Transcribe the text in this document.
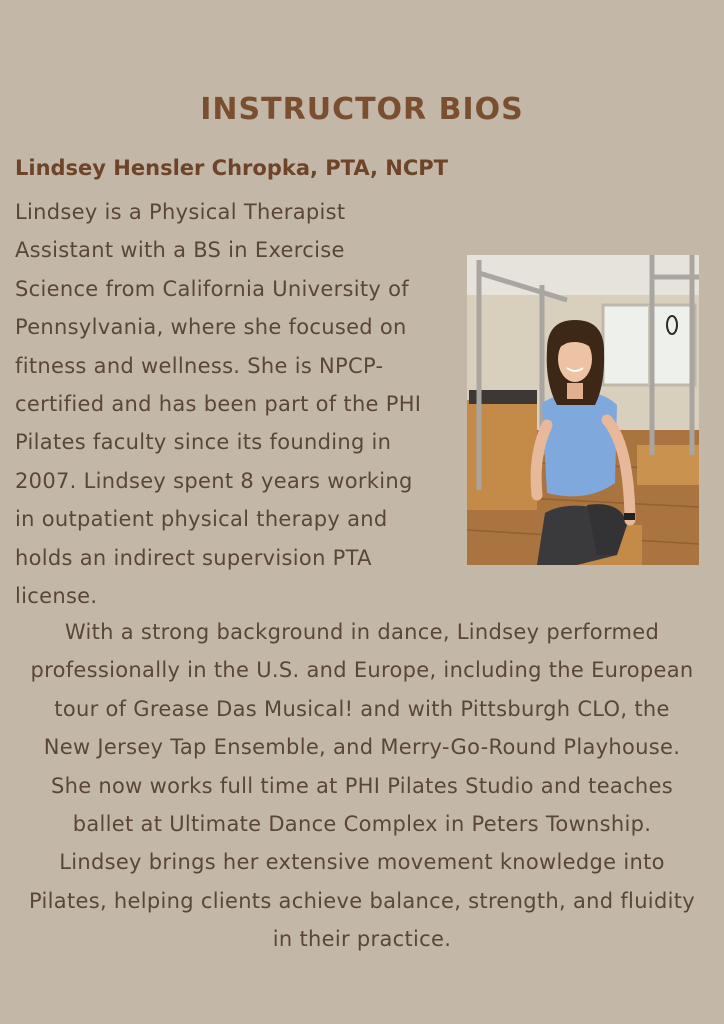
INSTRUCTOR BIOS
Lindsey Hensler Chropka, PTA, NCPT
Lindsey is a Physical Therapist
Assistant with a BS in Exercise
Science from California University of
Pennsylvania, where she focused on
fitness and wellness. She is NPCP-
certified and has been part of the PHI
Pilates faculty since its founding in
2007. Lindsey spent 8 years working
in outpatient physical therapy and
holds an indirect supervision PTA
license.
With a strong background in dance, Lindsey performed
professionally in the U.S. and Europe, including the European
tour of Grease Das Musical! and with Pittsburgh CLO, the
New Jersey Tap Ensemble, and Merry-Go-Round Playhouse.
She now works full time at PHI Pilates Studio and teaches
ballet at Ultimate Dance Complex in Peters Township.
Lindsey brings her extensive movement knowledge into
Pilates, helping clients achieve balance, strength, and fluidity
in their practice.
